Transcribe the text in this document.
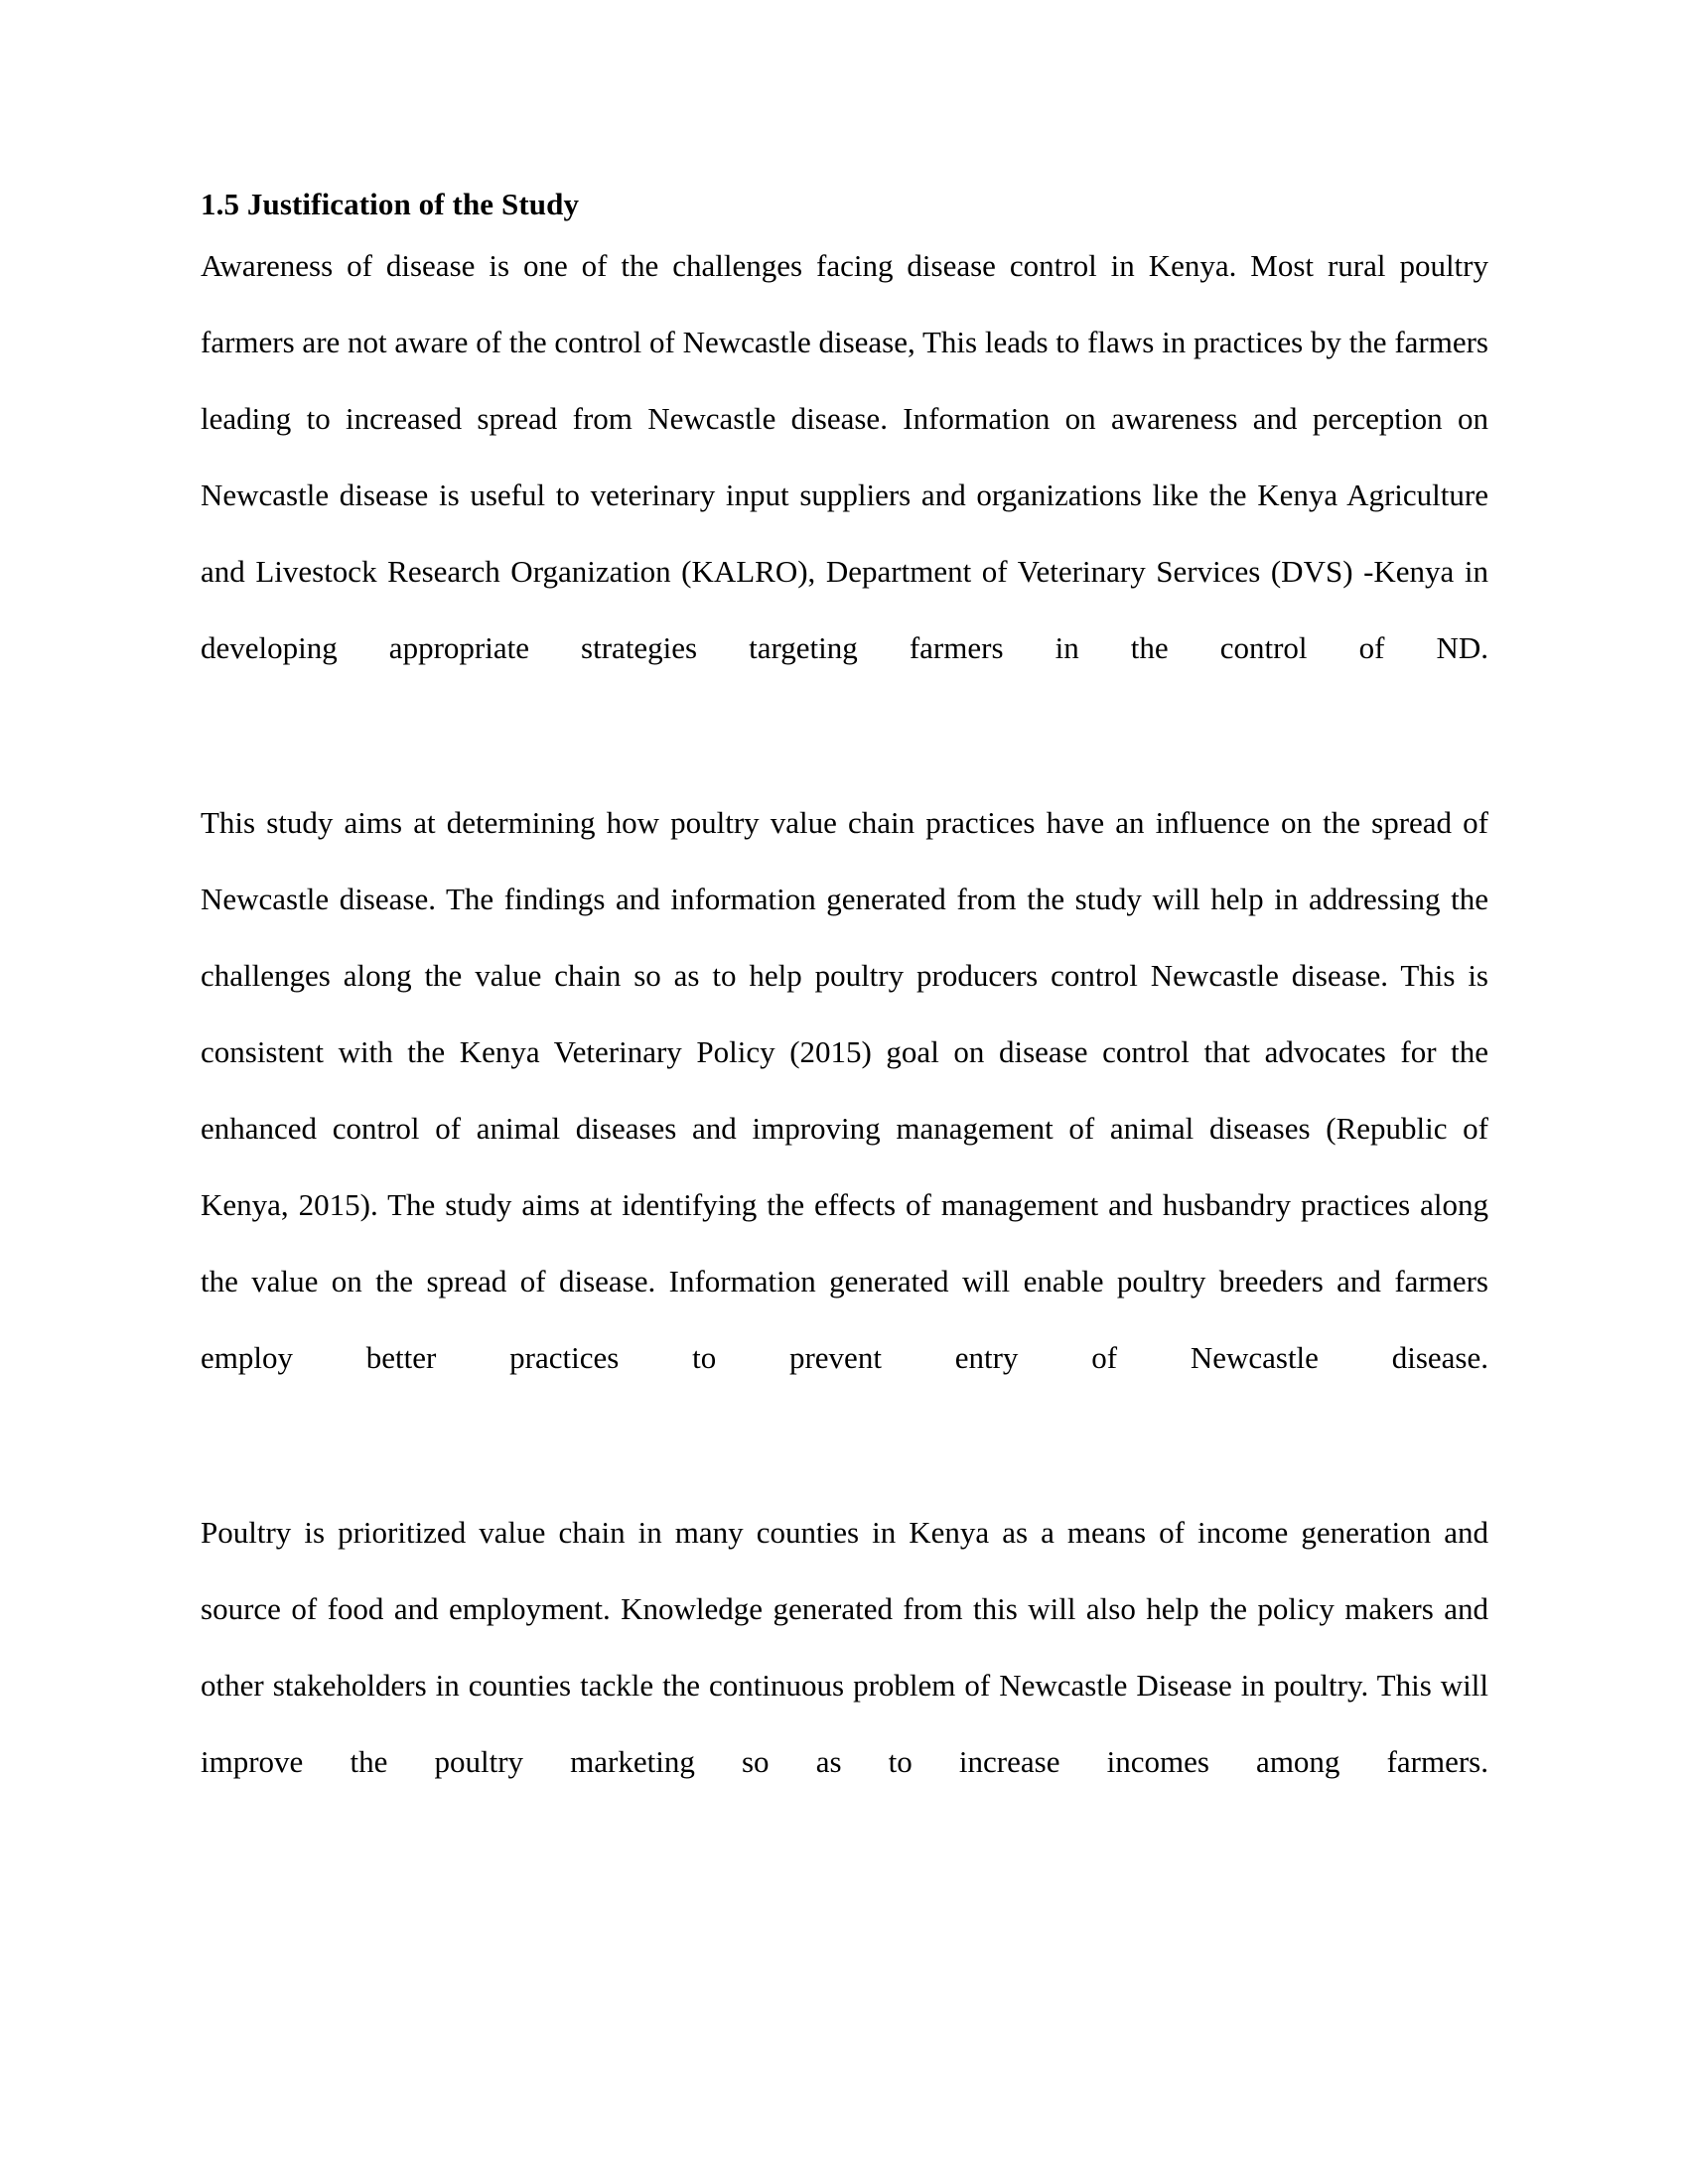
1.5 Justification of the Study

Awareness of disease is one of the challenges facing disease control in Kenya. Most rural poultry farmers are not aware of the control of Newcastle disease, This leads to flaws in practices by the farmers leading to increased spread from Newcastle disease. Information on awareness and perception on Newcastle disease is useful to veterinary input suppliers and organizations like the Kenya Agriculture and Livestock Research Organization (KALRO), Department of Veterinary Services (DVS) -Kenya in developing appropriate strategies targeting farmers in the control of ND.

This study aims at determining how poultry value chain practices have an influence on the spread of Newcastle disease. The findings and information generated from the study will help in addressing the challenges along the value chain so as to help poultry producers control Newcastle disease. This is consistent with the Kenya Veterinary Policy (2015) goal on disease control that advocates for the enhanced control of animal diseases and improving management of animal diseases (Republic of Kenya, 2015). The study aims at identifying the effects of management and husbandry practices along the value on the spread of disease. Information generated will enable poultry breeders and farmers employ better practices to prevent entry of Newcastle disease.

Poultry is prioritized value chain in many counties in Kenya as a means of income generation and source of food and employment. Knowledge generated from this will also help the policy makers and other stakeholders in counties tackle the continuous problem of Newcastle Disease in poultry. This will improve the poultry marketing so as to increase incomes among farmers.
